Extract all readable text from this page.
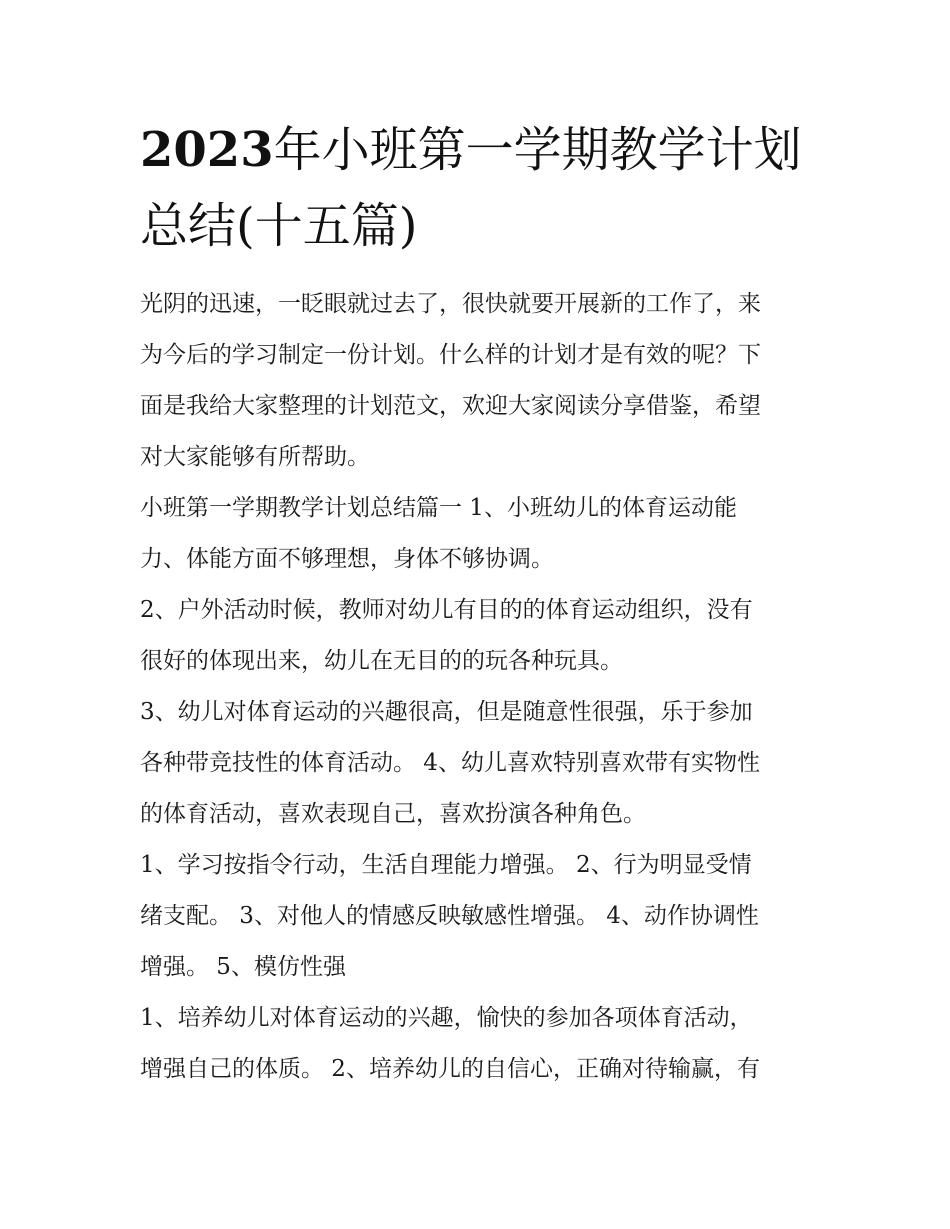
2023年小班第一学期教学计划
总结(十五篇)
光阴的迅速，一眨眼就过去了，很快就要开展新的工作了，来
为今后的学习制定一份计划。什么样的计划才是有效的呢？下
面是我给大家整理的计划范文，欢迎大家阅读分享借鉴，希望
对大家能够有所帮助。
小班第一学期教学计划总结篇一 1、小班幼儿的体育运动能
力、体能方面不够理想，身体不够协调。
2、户外活动时候，教师对幼儿有目的的体育运动组织，没有
很好的体现出来，幼儿在无目的的玩各种玩具。
3、幼儿对体育运动的兴趣很高，但是随意性很强，乐于参加
各种带竞技性的体育活动。 4、幼儿喜欢特别喜欢带有实物性
的体育活动，喜欢表现自己，喜欢扮演各种角色。
1、学习按指令行动，生活自理能力增强。 2、行为明显受情
绪支配。 3、对他人的情感反映敏感性增强。 4、动作协调性
增强。 5、模仿性强
1、培养幼儿对体育运动的兴趣，愉快的参加各项体育活动，
增强自己的体质。 2、培养幼儿的自信心，正确对待输赢，有
